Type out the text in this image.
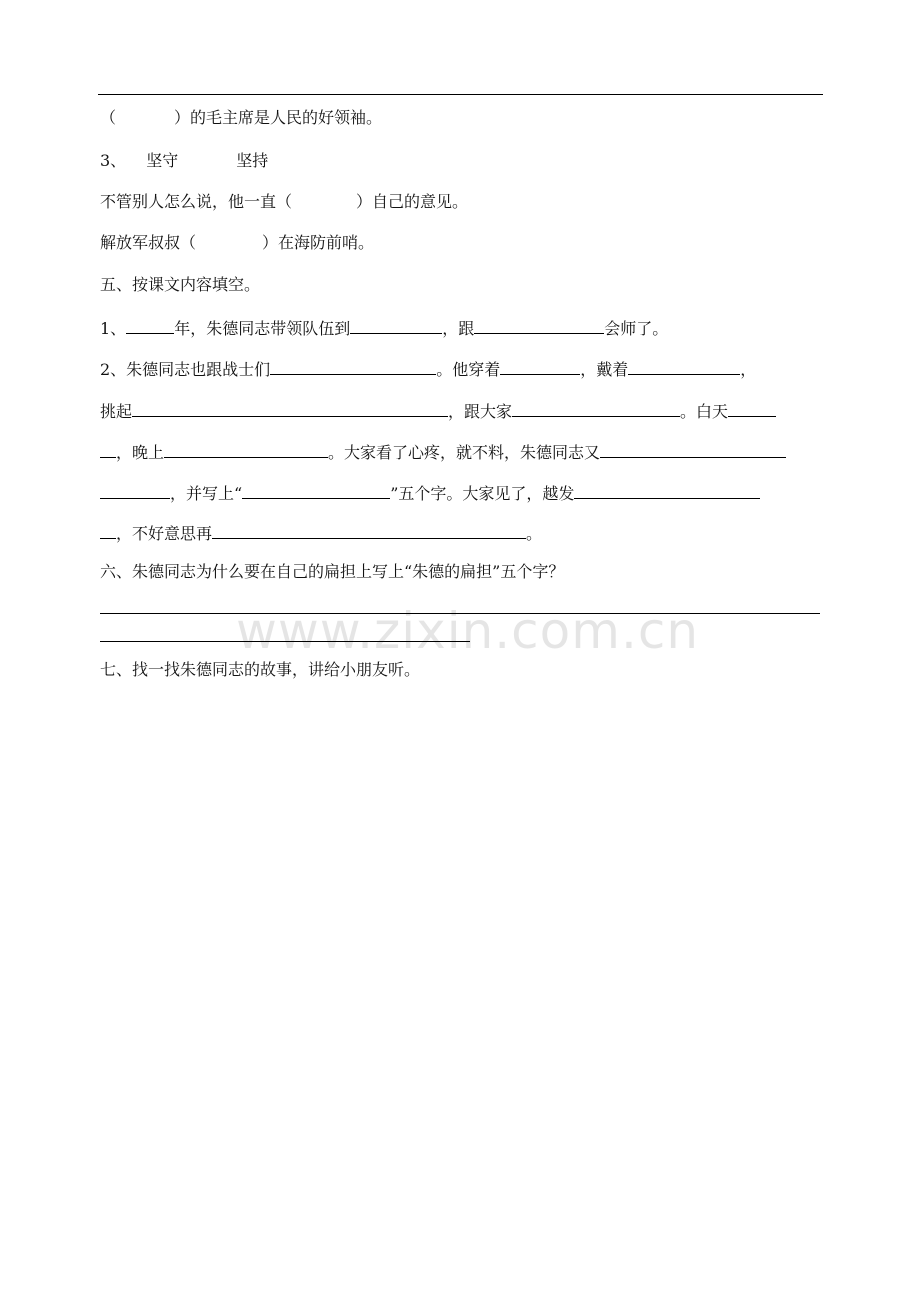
（	）的毛主席是人民的好领袖。
3、 坚守	坚持
不管别人怎么说，他一直（	）自己的意见。
解放军叔叔（	）在海防前哨。
五、按课文内容填空。
1、	年，朱德同志带领队伍到	，跟	会师了。
2、朱德同志也跟战士们	。他穿着	，戴着	，
挑起	，跟大家	。白天
，晚上	。大家看了心疼，就不料，朱德同志又
，并写上“	”五个字。大家见了，越发
，不好意思再	。
六、朱德同志为什么要在自己的扁担上写上“朱德的扁担”五个字？
www.zixin.com.cn
七、找一找朱德同志的故事，讲给小朋友听。
